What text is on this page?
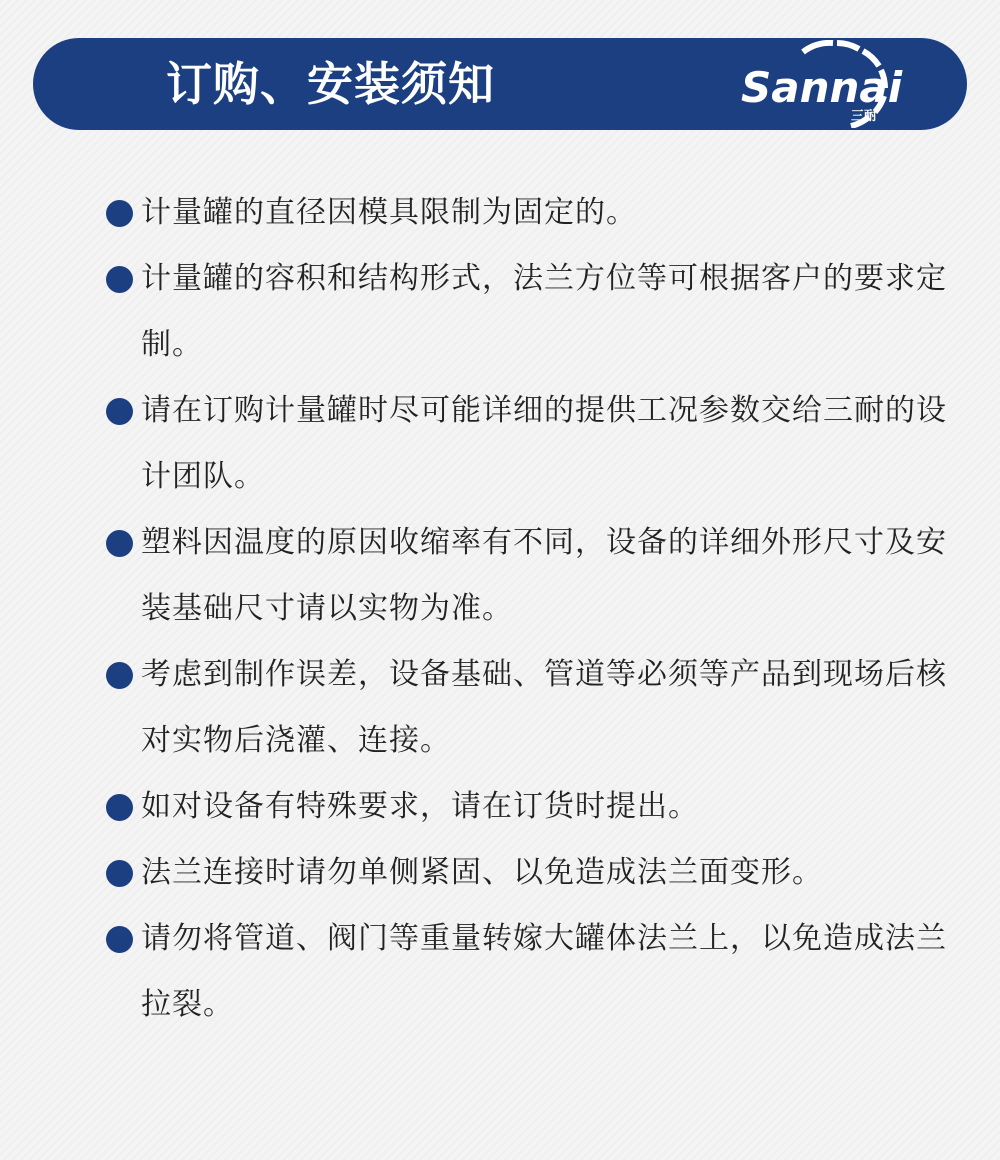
订购、安装须知	Sannai
三耐
计量罐的直径因模具限制为固定的。
计量罐的容积和结构形式，法兰方位等可根据客户的要求定制。
请在订购计量罐时尽可能详细的提供工况参数交给三耐的设计团队。
塑料因温度的原因收缩率有不同，设备的详细外形尺寸及安装基础尺寸请以实物为准。
考虑到制作误差，设备基础、管道等必须等产品到现场后核对实物后浇灌、连接。
如对设备有特殊要求，请在订货时提出。
法兰连接时请勿单侧紧固、以免造成法兰面变形。
请勿将管道、阀门等重量转嫁大罐体法兰上，以免造成法兰拉裂。
